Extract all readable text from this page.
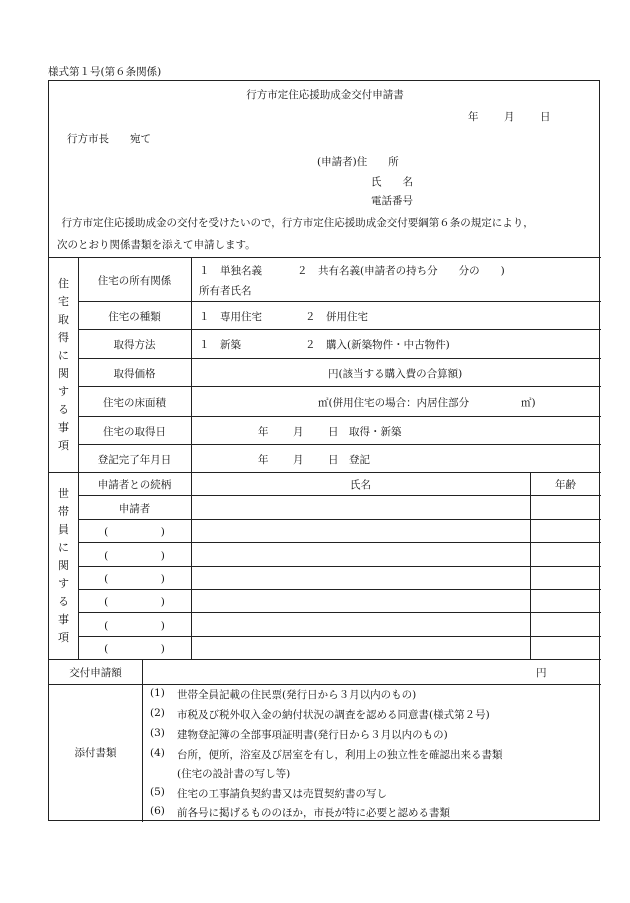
様式第１号(第６条関係)
行方市定住応援助成金交付申請書
年 月 日
行方市長　　宛て
(申請者)住　　所
氏　　名
電話番号
　行方市定住応援助成金の交付を受けたいので，行方市定住応援助成金交付要綱第６条の規定により，
次のとおり関係書類を添えて申請します。
住
宅
取
得
に
関
す
る
事
項
住宅の所有関係
１　単独名義	２　共有名義(申請者の持ち分　　分の　　)
所有者氏名
住宅の種類	１　専用住宅	２　併用住宅
取得方法	１　新築	２　購入(新築物件・中古物件)
取得価格	円(該当する購入費の合算額)
住宅の床面積	㎡(併用住宅の場合：内居住部分	㎡)
住宅の取得日	年 月 日 取得・新築
登記完了年月日	年 月 日 登記
世
帯
員
に
関
す
る
事
項
申請者との続柄	氏名	年齢
申請者
(　　　　　)
(　　　　　)
(　　　　　)
(　　　　　)
(　　　　　)
(　　　　　)
交付申請額	円
添付書類
(1) 世帯全員記載の住民票(発行日から３月以内のもの)
(2) 市税及び税外収入金の納付状況の調査を認める同意書(様式第２号)
(3) 建物登記簿の全部事項証明書(発行日から３月以内のもの)
(4) 台所，便所，浴室及び居室を有し，利用上の独立性を確認出来る書類
(住宅の設計書の写し等)
(5) 住宅の工事請負契約書又は売買契約書の写し
(6) 前各号に掲げるもののほか，市長が特に必要と認める書類
